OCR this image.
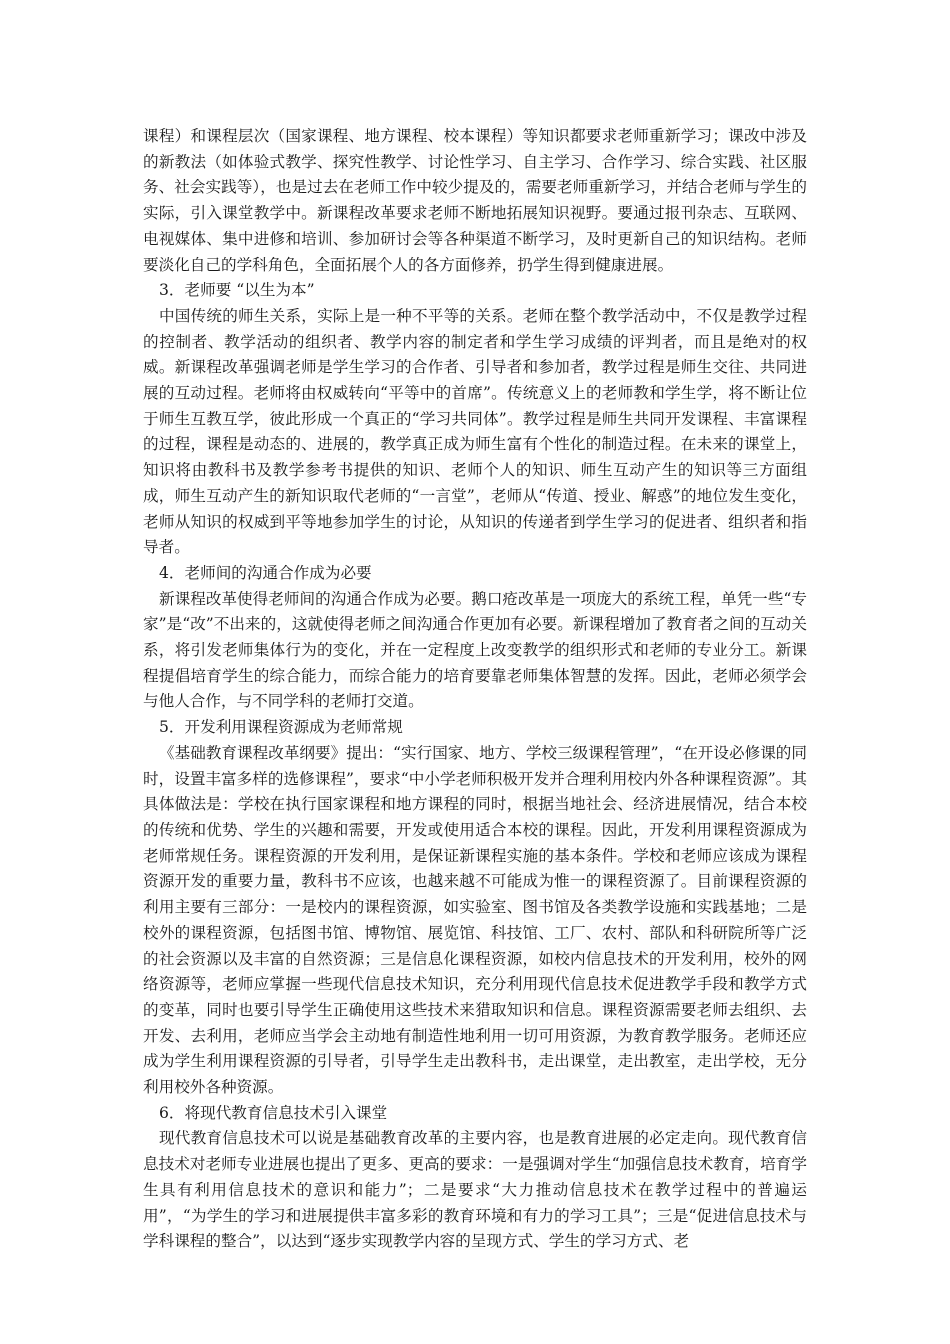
课程）和课程层次（国家课程、地方课程、校本课程）等知识都要求老师重新学习；课改中涉及的新教法（如体验式教学、探究性教学、讨论性学习、自主学习、合作学习、综合实践、社区服务、社会实践等），也是过去在老师工作中较少提及的，需要老师重新学习，并结合老师与学生的实际，引入课堂教学中。新课程改革要求老师不断地拓展知识视野。要通过报刊杂志、互联网、电视媒体、集中进修和培训、参加研讨会等各种渠道不断学习，及时更新自己的知识结构。老师要淡化自己的学科角色，全面拓展个人的各方面修养，扔学生得到健康进展。

3．老师要 “以生为本”

中国传统的师生关系，实际上是一种不平等的关系。老师在整个教学活动中，不仅是教学过程的控制者、教学活动的组织者、教学内容的制定者和学生学习成绩的评判者，而且是绝对的权威。新课程改革强调老师是学生学习的合作者、引导者和参加者，教学过程是师生交往、共同进展的互动过程。老师将由权威转向“平等中的首席”。传统意义上的老师教和学生学，将不断让位于师生互教互学，彼此形成一个真正的“学习共同体”。教学过程是师生共同开发课程、丰富课程的过程，课程是动态的、进展的，教学真正成为师生富有个性化的制造过程。在未来的课堂上，知识将由教科书及教学参考书提供的知识、老师个人的知识、师生互动产生的知识等三方面组成，师生互动产生的新知识取代老师的“一言堂”，老师从“传道、授业、解惑”的地位发生变化，老师从知识的权威到平等地参加学生的讨论，从知识的传递者到学生学习的促进者、组织者和指导者。

4．老师间的沟通合作成为必要

新课程改革使得老师间的沟通合作成为必要。鹅口疮改革是一项庞大的系统工程，单凭一些“专家”是“改”不出来的，这就使得老师之间沟通合作更加有必要。新课程增加了教育者之间的互动关系，将引发老师集体行为的变化，并在一定程度上改变教学的组织形式和老师的专业分工。新课程提倡培育学生的综合能力，而综合能力的培育要靠老师集体智慧的发挥。因此，老师必须学会与他人合作，与不同学科的老师打交道。

5．开发利用课程资源成为老师常规

《基础教育课程改革纲要》提出：“实行国家、地方、学校三级课程管理”，“在开设必修课的同时，设置丰富多样的选修课程”，要求“中小学老师积极开发并合理利用校内外各种课程资源”。其具体做法是：学校在执行国家课程和地方课程的同时，根据当地社会、经济进展情况，结合本校的传统和优势、学生的兴趣和需要，开发或使用适合本校的课程。因此，开发利用课程资源成为老师常规任务。课程资源的开发利用，是保证新课程实施的基本条件。学校和老师应该成为课程资源开发的重要力量，教科书不应该，也越来越不可能成为惟一的课程资源了。目前课程资源的利用主要有三部分：一是校内的课程资源，如实验室、图书馆及各类教学设施和实践基地；二是校外的课程资源，包括图书馆、博物馆、展览馆、科技馆、工厂、农村、部队和科研院所等广泛的社会资源以及丰富的自然资源；三是信息化课程资源，如校内信息技术的开发利用，校外的网络资源等，老师应掌握一些现代信息技术知识，充分利用现代信息技术促进教学手段和教学方式的变革，同时也要引导学生正确使用这些技术来猎取知识和信息。课程资源需要老师去组织、去开发、去利用，老师应当学会主动地有制造性地利用一切可用资源，为教育教学服务。老师还应成为学生利用课程资源的引导者，引导学生走出教科书，走出课堂，走出教室，走出学校，无分利用校外各种资源。

6．将现代教育信息技术引入课堂

现代教育信息技术可以说是基础教育改革的主要内容，也是教育进展的必定走向。现代教育信息技术对老师专业进展也提出了更多、更高的要求：一是强调对学生“加强信息技术教育，培育学生具有利用信息技术的意识和能力”；二是要求“大力推动信息技术在教学过程中的普遍运用”，“为学生的学习和进展提供丰富多彩的教育环境和有力的学习工具”；三是“促进信息技术与学科课程的整合”，以达到“逐步实现教学内容的呈现方式、学生的学习方式、老
